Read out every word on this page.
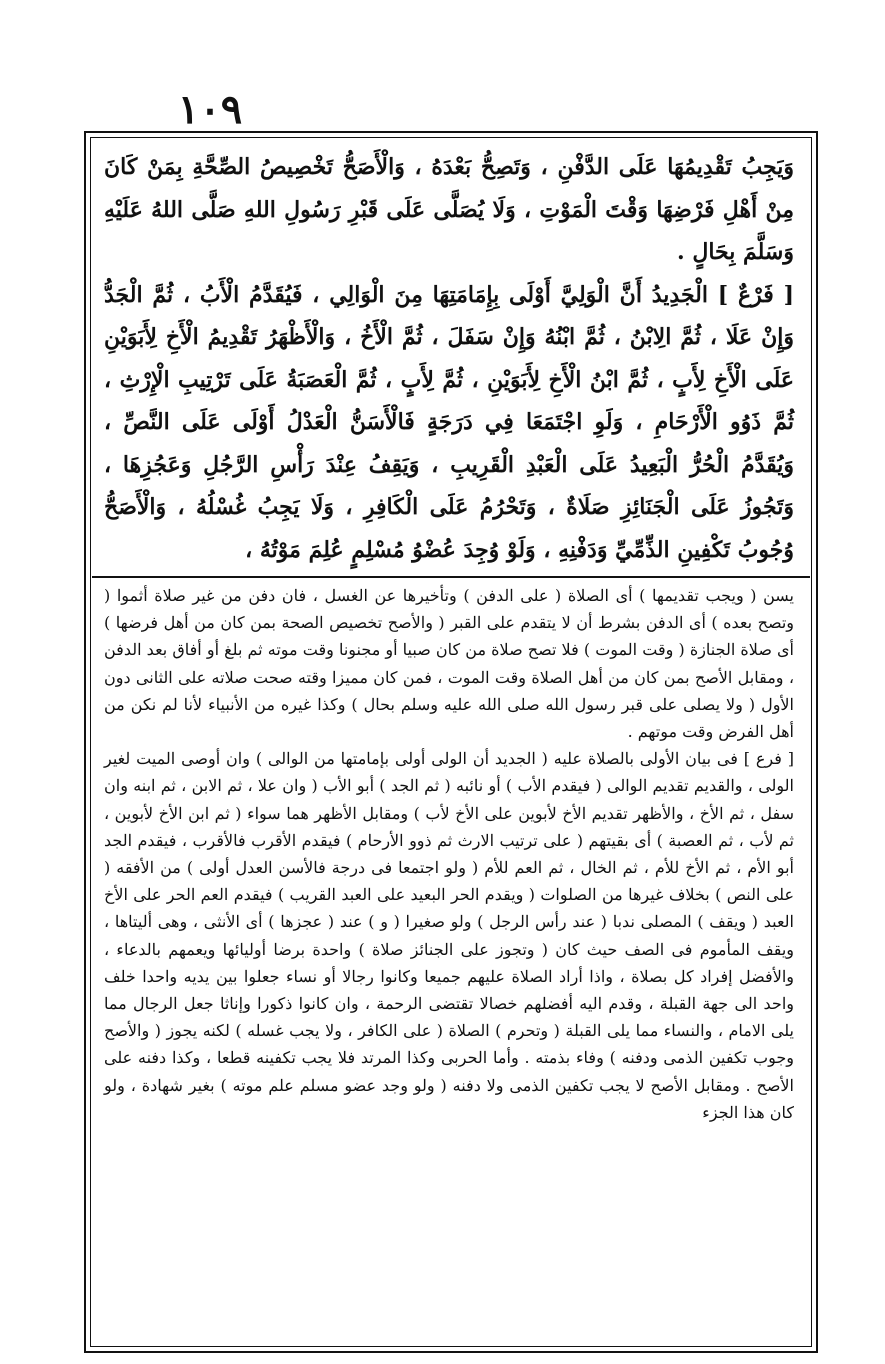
١٠٩

وَيَجِبُ تَقْدِيمُهَا عَلَى الدَّفْنِ ، وَتَصِحُّ بَعْدَهُ ، وَالْأَصَحُّ تَخْصِيصُ الصِّحَّةِ بِمَنْ كَانَ مِنْ أَهْلِ فَرْضِهَا وَقْتَ الْمَوْتِ ، وَلَا يُصَلَّى عَلَى قَبْرِ رَسُولِ اللهِ صَلَّى اللهُ عَلَيْهِ وَسَلَّمَ بِحَالٍ .

[ فَرْعٌ ] الْجَدِيدُ أَنَّ الْوَلِيَّ أَوْلَى بِإِمَامَتِهَا مِنَ الْوَالِي ، فَيُقَدَّمُ الْأَبُ ، ثُمَّ الْجَدُّ وَإِنْ عَلَا ، ثُمَّ الِابْنُ ، ثُمَّ ابْنُهُ وَإِنْ سَفَلَ ، ثُمَّ الْأَخُ ، وَالْأَظْهَرُ تَقْدِيمُ الْأَخِ لِأَبَوَيْنِ عَلَى الْأَخِ لِأَبٍ ، ثُمَّ ابْنُ الْأَخِ لِأَبَوَيْنِ ، ثُمَّ لِأَبٍ ، ثُمَّ الْعَصَبَةُ عَلَى تَرْتِيبِ الْإِرْثِ ، ثُمَّ ذَوُو الْأَرْحَامِ ، وَلَوِ اجْتَمَعَا فِي دَرَجَةٍ فَالْأَسَنُّ الْعَدْلُ أَوْلَى عَلَى النَّصِّ ، وَيُقَدَّمُ الْحُرُّ الْبَعِيدُ عَلَى الْعَبْدِ الْقَرِيبِ ، وَيَقِفُ عِنْدَ رَأْسِ الرَّجُلِ وَعَجُزِهَا ، وَتَجُوزُ عَلَى الْجَنَائِزِ صَلَاةٌ ، وَتَحْرُمُ عَلَى الْكَافِرِ ، وَلَا يَجِبُ غُسْلُهُ ، وَالْأَصَحُّ وُجُوبُ تَكْفِينِ الذِّمِّيِّ وَدَفْنِهِ ، وَلَوْ وُجِدَ عُضْوُ مُسْلِمٍ عُلِمَ مَوْتُهُ ،

يسن ( ويجب تقديمها ) أى الصلاة ( على الدفن ) وتأخيرها عن الغسل ، فان دفن من غير صلاة أثموا ( وتصح بعده ) أى الدفن بشرط أن لا يتقدم على القبر ( والأصح تخصيص الصحة بمن كان من أهل فرضها ) أى صلاة الجنازة ( وقت الموت ) فلا تصح صلاة من كان صبيا أو مجنونا وقت موته ثم بلغ أو أفاق بعد الدفن ، ومقابل الأصح بمن كان من أهل الصلاة وقت الموت ، فمن كان مميزا وقته صحت صلاته على الثانى دون الأول ( ولا يصلى على قبر رسول الله صلى الله عليه وسلم بحال ) وكذا غيره من الأنبياء لأنا لم نكن من أهل الفرض وقت موتهم .

[ فرع ] فى بيان الأولى بالصلاة عليه ( الجديد أن الولى أولى بإمامتها من الوالى ) وان أوصى الميت لغير الولى ، والقديم تقديم الوالى ( فيقدم الأب ) أو نائبه ( ثم الجد ) أبو الأب ( وان علا ، ثم الابن ، ثم ابنه وان سفل ، ثم الأخ ، والأظهر تقديم الأخ لأبوين على الأخ لأب ) ومقابل الأظهر هما سواء ( ثم ابن الأخ لأبوين ، ثم لأب ، ثم العصبة ) أى بقيتهم ( على ترتيب الارث ثم ذوو الأرحام ) فيقدم الأقرب فالأقرب ، فيقدم الجد أبو الأم ، ثم الأخ للأم ، ثم الخال ، ثم العم للأم ( ولو اجتمعا فى درجة فالأسن العدل أولى ) من الأفقه ( على النص ) بخلاف غيرها من الصلوات ( ويقدم الحر البعيد على العبد القريب ) فيقدم العم الحر على الأخ العبد ( ويقف ) المصلى ندبا ( عند رأس الرجل ) ولو صغيرا ( و ) عند ( عجزها ) أى الأنثى ، وهى أليتاها ، ويقف المأموم فى الصف حيث كان ( وتجوز على الجنائز صلاة ) واحدة برضا أوليائها ويعمهم بالدعاء ، والأفضل إفراد كل بصلاة ، واذا أراد الصلاة عليهم جميعا وكانوا رجالا أو نساء جعلوا بين يديه واحدا خلف واحد الى جهة القبلة ، وقدم اليه أفضلهم خصالا تقتضى الرحمة ، وان كانوا ذكورا وإناثا جعل الرجال مما يلى الامام ، والنساء مما يلى القبلة ( وتحرم ) الصلاة ( على الكافر ، ولا يجب غسله ) لكنه يجوز ( والأصح وجوب تكفين الذمى ودفنه ) وفاء بذمته . وأما الحربى وكذا المرتد فلا يجب تكفينه قطعا ، وكذا دفنه على الأصح . ومقابل الأصح لا يجب تكفين الذمى ولا دفنه ( ولو وجد عضو مسلم علم موته ) بغير شهادة ، ولو كان هذا الجزء
